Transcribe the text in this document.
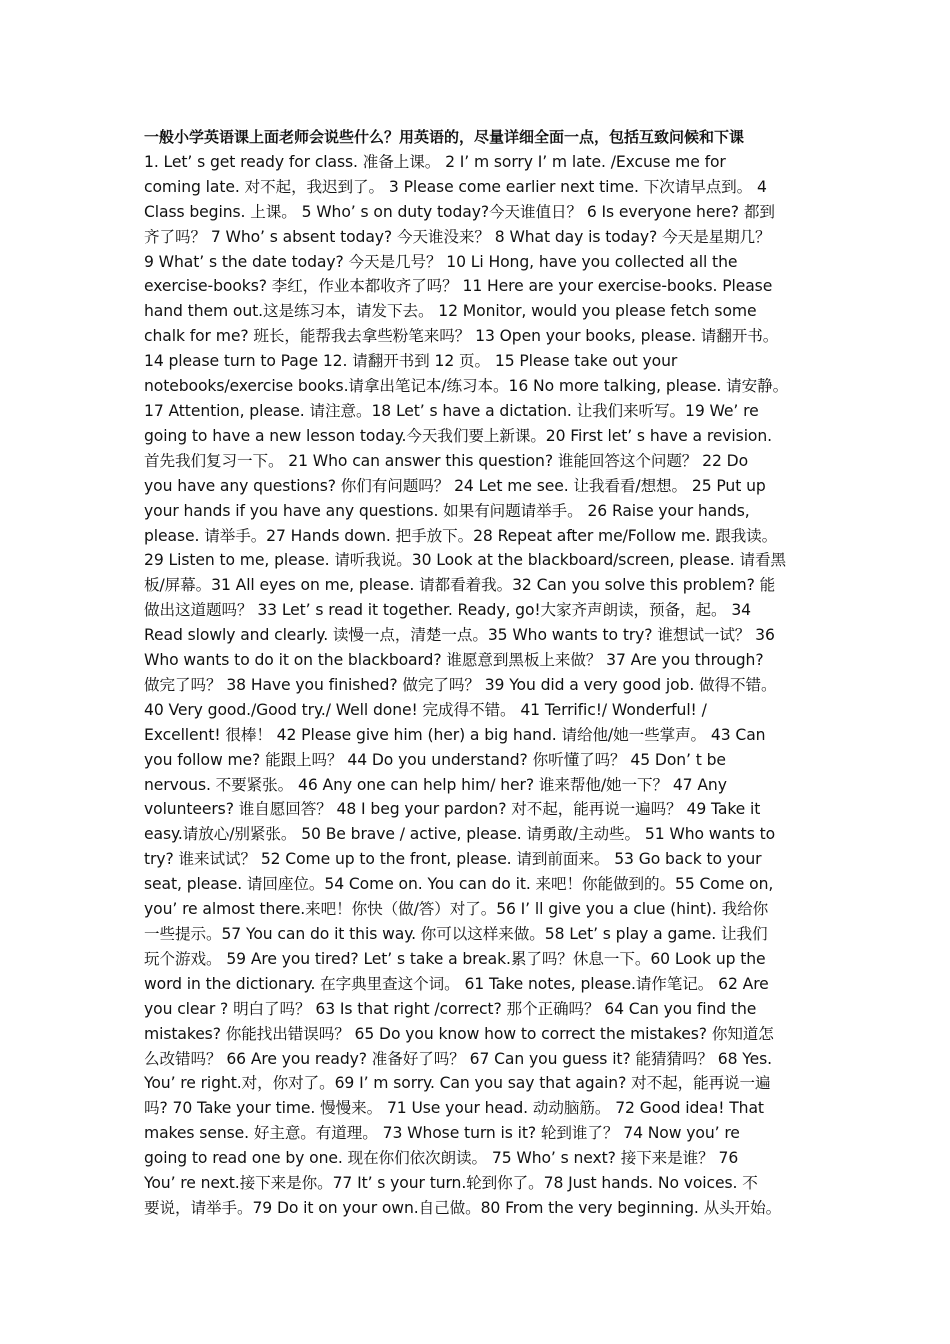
一般小学英语课上面老师会说些什么？用英语的，尽量详细全面一点，包括互致问候和下课
1. Let’ s get ready for class. 准备上课。 2 I’ m sorry I’ m late. /Excuse me for
coming late. 对不起，我迟到了。 3 Please come earlier next time. 下次请早点到。 4
Class begins. 上课。 5 Who’ s on duty today?今天谁值日？ 6 Is everyone here? 都到
齐了吗？ 7 Who’ s absent today? 今天谁没来？ 8 What day is today? 今天是星期几？
9 What’ s the date today? 今天是几号？ 10 Li Hong, have you collected all the
exercise-books? 李红，作业本都收齐了吗？ 11 Here are your exercise-books. Please
hand them out.这是练习本，请发下去。 12 Monitor, would you please fetch some
chalk for me? 班长，能帮我去拿些粉笔来吗？ 13 Open your books, please. 请翻开书。
14 please turn to Page 12. 请翻开书到 12 页。 15 Please take out your
notebooks/exercise books.请拿出笔记本/练习本。16 No more talking, please. 请安静。
17 Attention, please. 请注意。18 Let’ s have a dictation. 让我们来听写。19 We’ re
going to have a new lesson today.今天我们要上新课。20 First let’ s have a revision.
首先我们复习一下。 21 Who can answer this question? 谁能回答这个问题？ 22 Do
you have any questions? 你们有问题吗？ 24 Let me see. 让我看看/想想。 25 Put up
your hands if you have any questions. 如果有问题请举手。 26 Raise your hands,
please. 请举手。27 Hands down. 把手放下。28 Repeat after me/Follow me. 跟我读。
29 Listen to me, please. 请听我说。30 Look at the blackboard/screen, please. 请看黑
板/屏幕。31 All eyes on me, please. 请都看着我。32 Can you solve this problem? 能
做出这道题吗？ 33 Let’ s read it together. Ready, go!大家齐声朗读，预备，起。 34
Read slowly and clearly. 读慢一点，清楚一点。35 Who wants to try? 谁想试一试？ 36
Who wants to do it on the blackboard? 谁愿意到黑板上来做？ 37 Are you through?
做完了吗？ 38 Have you finished? 做完了吗？ 39 You did a very good job. 做得不错。
40 Very good./Good try./ Well done! 完成得不错。 41 Terrific!/ Wonderful! /
Excellent! 很棒！ 42 Please give him (her) a big hand. 请给他/她一些掌声。 43 Can
you follow me? 能跟上吗？ 44 Do you understand? 你听懂了吗？ 45 Don’ t be
nervous. 不要紧张。 46 Any one can help him/ her? 谁来帮他/她一下？ 47 Any
volunteers? 谁自愿回答？ 48 I beg your pardon? 对不起，能再说一遍吗？ 49 Take it
easy.请放心/别紧张。 50 Be brave / active, please. 请勇敢/主动些。 51 Who wants to
try? 谁来试试？ 52 Come up to the front, please. 请到前面来。 53 Go back to your
seat, please. 请回座位。54 Come on. You can do it. 来吧！你能做到的。55 Come on,
you’ re almost there.来吧！你快（做/答）对了。56 I’ ll give you a clue (hint). 我给你
一些提示。57 You can do it this way. 你可以这样来做。58 Let’ s play a game. 让我们
玩个游戏。 59 Are you tired? Let’ s take a break.累了吗？休息一下。60 Look up the
word in the dictionary. 在字典里查这个词。 61 Take notes, please.请作笔记。 62 Are
you clear ? 明白了吗？ 63 Is that right /correct? 那个正确吗？ 64 Can you find the
mistakes? 你能找出错误吗？ 65 Do you know how to correct the mistakes? 你知道怎
么改错吗？ 66 Are you ready? 准备好了吗？ 67 Can you guess it? 能猜猜吗？ 68 Yes.
You’ re right.对，你对了。69 I’ m sorry. Can you say that again? 对不起，能再说一遍
吗? 70 Take your time. 慢慢来。 71 Use your head. 动动脑筋。 72 Good idea! That
makes sense. 好主意。有道理。 73 Whose turn is it? 轮到谁了？ 74 Now you’ re
going to read one by one. 现在你们依次朗读。 75 Who’ s next? 接下来是谁？ 76
You’ re next.接下来是你。77 It’ s your turn.轮到你了。78 Just hands. No voices. 不
要说，请举手。79 Do it on your own.自己做。80 From the very beginning. 从头开始。
